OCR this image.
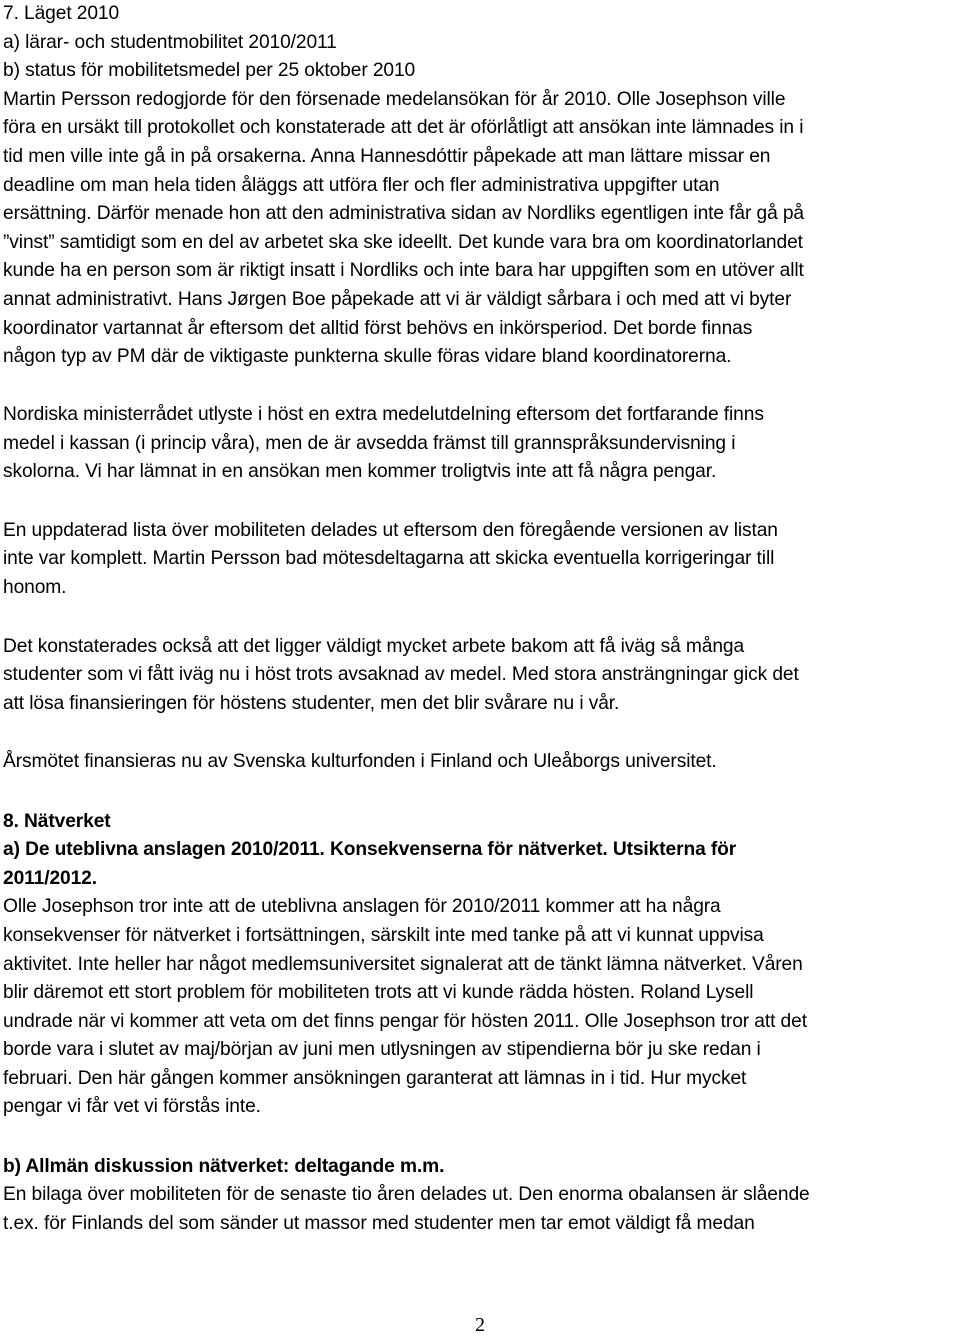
7. Läget 2010
a) lärar- och studentmobilitet 2010/2011
b) status för mobilitetsmedel per 25 oktober 2010
Martin Persson redogjorde för den försenade medelansökan för år 2010. Olle Josephson ville
föra en ursäkt till protokollet och konstaterade att det är oförlåtligt att ansökan inte lämnades in i
tid men ville inte gå in på orsakerna. Anna Hannesdóttir påpekade att man lättare missar en
deadline om man hela tiden åläggs att utföra fler och fler administrativa uppgifter utan
ersättning. Därför menade hon att den administrativa sidan av Nordliks egentligen inte får gå på
”vinst” samtidigt som en del av arbetet ska ske ideellt. Det kunde vara bra om koordinatorlandet
kunde ha en person som är riktigt insatt i Nordliks och inte bara har uppgiften som en utöver allt
annat administrativt. Hans Jørgen Boe påpekade att vi är väldigt sårbara i och med att vi byter
koordinator vartannat år eftersom det alltid först behövs en inkörsperiod. Det borde finnas
någon typ av PM där de viktigaste punkterna skulle föras vidare bland koordinatorerna.
Nordiska ministerrådet utlyste i höst en extra medelutdelning eftersom det fortfarande finns
medel i kassan (i princip våra), men de är avsedda främst till grannspråksundervisning i
skolorna. Vi har lämnat in en ansökan men kommer troligtvis inte att få några pengar.
En uppdaterad lista över mobiliteten delades ut eftersom den föregående versionen av listan
inte var komplett. Martin Persson bad mötesdeltagarna att skicka eventuella korrigeringar till
honom.
Det konstaterades också att det ligger väldigt mycket arbete bakom att få iväg så många
studenter som vi fått iväg nu i höst trots avsaknad av medel. Med stora ansträngningar gick det
att lösa finansieringen för höstens studenter, men det blir svårare nu i vår.
Årsmötet finansieras nu av Svenska kulturfonden i Finland och Uleåborgs universitet.
8. Nätverket
a) De uteblivna anslagen 2010/2011. Konsekvenserna för nätverket. Utsikterna för
2011/2012.
Olle Josephson tror inte att de uteblivna anslagen för 2010/2011 kommer att ha några
konsekvenser för nätverket i fortsättningen, särskilt inte med tanke på att vi kunnat uppvisa
aktivitet. Inte heller har något medlemsuniversitet signalerat att de tänkt lämna nätverket. Våren
blir däremot ett stort problem för mobiliteten trots att vi kunde rädda hösten. Roland Lysell
undrade när vi kommer att veta om det finns pengar för hösten 2011. Olle Josephson tror att det
borde vara i slutet av maj/början av juni men utlysningen av stipendierna bör ju ske redan i
februari. Den här gången kommer ansökningen garanterat att lämnas in i tid. Hur mycket
pengar vi får vet vi förstås inte.
b) Allmän diskussion nätverket: deltagande m.m.
En bilaga över mobiliteten för de senaste tio åren delades ut. Den enorma obalansen är slående
t.ex. för Finlands del som sänder ut massor med studenter men tar emot väldigt få medan
2
